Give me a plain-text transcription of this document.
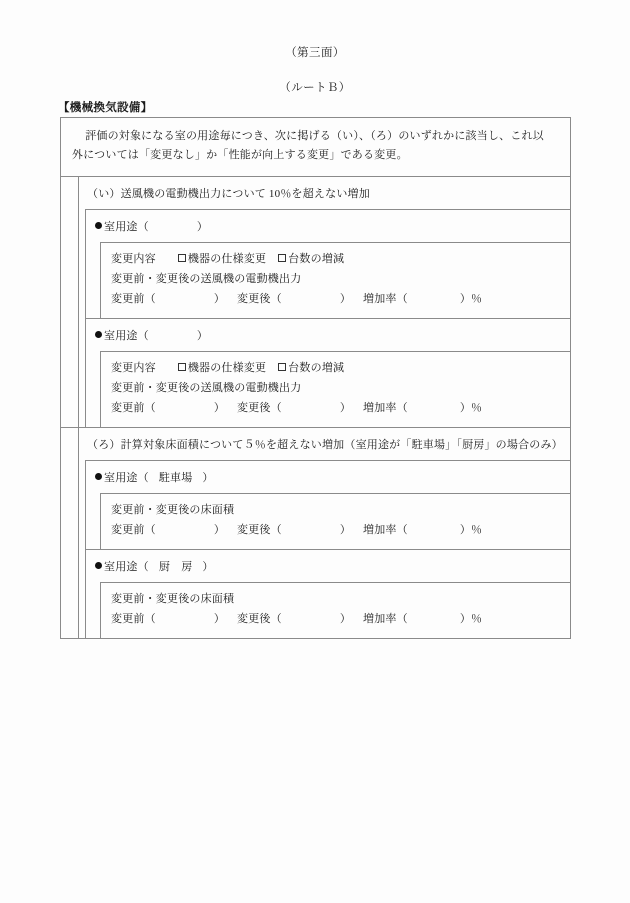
（第三面）
（ルートＢ）
【機械換気設備】
評価の対象になる室の用途毎につき、次に掲げる（い）、（ろ）のいずれかに該当し、これ以
外については「変更なし」か「性能が向上する変更」である変更。
（い）送風機の電動機出力について 10％を超えない増加
室用途（	）
変更内容	機器の仕様変更 台数の増減
変更前・変更後の送風機の電動機出力
変更前（	） 変更後（	） 増加率（	）％
室用途（	）
変更内容	機器の仕様変更 台数の増減
変更前・変更後の送風機の電動機出力
変更前（	） 変更後（	） 増加率（	）％
（ろ）計算対象床面積について５％を超えない増加（室用途が「駐車場」「厨房」の場合のみ）
室用途（ 駐車場 ）
変更前・変更後の床面積
変更前（	） 変更後（	） 増加率（	）％
室用途（ 厨　房 ）
変更前・変更後の床面積
変更前（	） 変更後（	） 増加率（	）％
